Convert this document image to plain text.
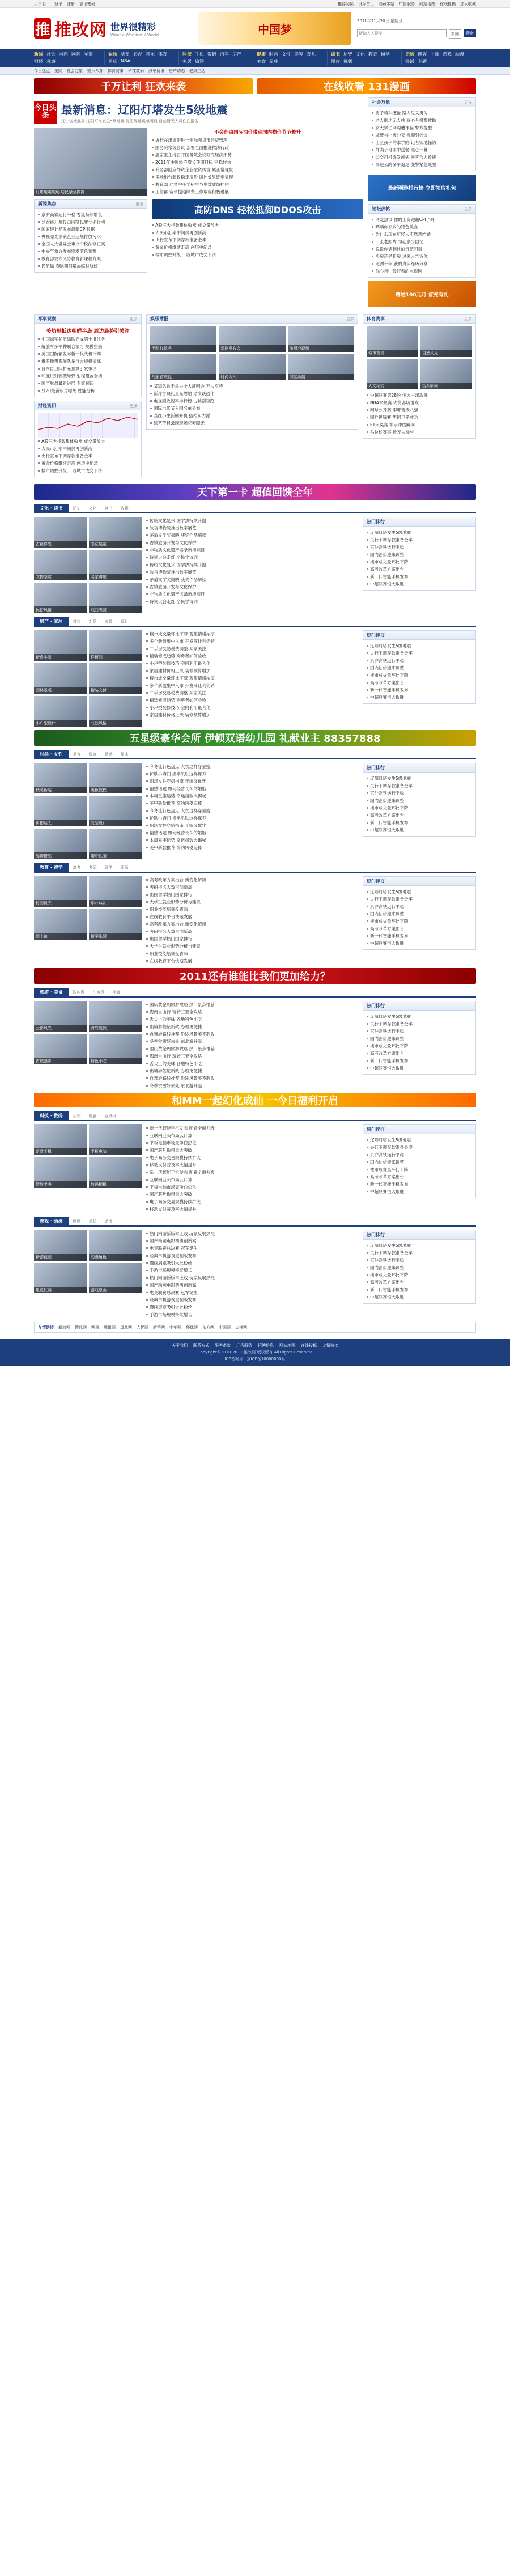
用户名： 登录 注册 忘记密码	推荐阅读 设为首页 收藏本站 广告服务 网站地图 在线投稿 加入收藏
推 推改网 世界很精彩
What a Wonderful World	中国梦
2011年11月20日 星期日
请输入关键字
新闻	搜索
新闻 社会 国内 国际 军事
财经 观察
娱乐 明星 影视 音乐 体育
足球 NBA
科技 手机 数码 汽车 房产
家居 旅游
健康 时尚 女性 美容 育儿
美食 星座
读书 历史 文化 教育 留学
图片 视频
论坛 博客 下载 游戏 动漫
笑话 专题
今日热点 要闻 社会万象 娱乐八卦 体育赛事 科技数码 汽车资讯 房产动态 健康生活
千万让利 狂欢来袭	在线收看 131漫画
今日头条	最新消息：辽阳灯塔发生5级地震
辽宁省地震局 辽阳灯塔发生5级地震 沈阳等地震感明显 目前暂无人员伤亡报告
灯塔地震现场 居民紧急撤离
新闻焦点	更多
京沪高铁运行平稳 客流持续增长
公安部开展打击网络犯罪专项行动
国家统计局发布最新CPI数据
央视曝光多家企业违规排放污水
全国人大常委会审议个税法修正案
中央气象台发布寒潮蓝色预警
教育部发布义务教育新课程方案
民航局 春运期间增加临时航班
不会任由国际油价带动国内物价节节攀升
央行在津调研进一步加强货币信贷管理
国务院常务会议 部署全面推进依法行政
温家宝主持召开国务院会议研究经济形势
2011年中国经济增长预期目标 平稳较快
商务部回应外资企业撤资传言 属正常现象
多地出台新政稳定房价 调控效果逐步显现
教育部 严禁中小学招生与奥数成绩挂钩
工信部 宽带提速降费工作取得积极进展
高防DNS 轻松抵御DDOS攻击
A股三大指数集体收涨 成交量放大
人民币汇率中间价再创新高
央行宣布下调存款准备金率
黄金价格继续走高 创历史纪录
楼市调控升级 一线城市成交下滑
社会万象	更多
男子骑车遭抢 路人见义勇为
老人倒地无人扶 好心人报警救助
女大学生网购遭诈骗 警方提醒
城管与小贩冲突 视频引热议
山区孩子的求学路 记者实地探访
外卖小哥雨中送餐 暖心一幕
公交司机突发疾病 乘客合力救援
高速公路多车追尾 交警紧急处置
最新网游排行榜 立即领取礼包
论坛热帖	更多
网友热议 你的工资跑赢CPI了吗
晒晒你家乡的特色美食
为什么现在年轻人不愿意结婚
一张老照片 勾起多少回忆
说说你遇到过的奇葩同事
买房还是租房 过来人告诉你
北漂十年 我的真实经历分享
你心目中最好看的电视剧
赠送100元月 首充有礼
军事观察	更多
美航母抵达朝鲜半岛 周边局势引关注
中国海军护航编队完成第十批任务
解放军多军种联合演习 规模空前
美国国防部发布新一代战机计划
俄罗斯黑海舰队举行大规模演练
日本自卫队扩充预算引发争议
印度试射新型导弹 射程覆盖全境
国产航母最新进展 专家解读
歼20最新照片曝光 性能分析
财经资讯	更多
A股三大指数集体收涨 成交量放大
人民币汇率中间价再创新高
央行宣布下调存款准备金率
黄金价格继续走高 创历史纪录
楼市调控升级 一线城市成交下滑
娱乐播报	更多
明星红毯秀	新剧发布会	演唱会现场
电影首映礼	时尚大片	综艺录制
某知名歌手举办个人演唱会 万人空巷
新片首映礼星光熠熠 导演谈创作
电视剧收视率排行榜 古装剧领跑
国际电影节入围名单公布
当红小生新剧开机 搭档实力派
综艺节目录制现场花絮曝光
体育赛事	更多
城市夜景	自然风光
人文纪实	街头瞬间
中超联赛第28轮 恒大主场取胜
NBA常规赛 火箭客场惜败
网球公开赛 李娜晋级八强
国乒世锦赛 男团卫冕成功
F1大奖赛 车手冲线瞬间
马拉松赛事 数万人参与
天下第一卡 超值回馈全年
文化 · 读书	历史	文化	读书	收藏
古籍修复	书法展览
文物鉴赏	名家讲座
民俗风情	戏曲表演
传统文化复兴 国学热持续升温
故宫博物院推出数字展览
茅盾文学奖揭晓 获奖作品解读
古镇旅游开发与文化保护
非物质文化遗产名录新增项目
诗词大会走红 全民学诗词
传统文化复兴 国学热持续升温
故宫博物院推出数字展览
茅盾文学奖揭晓 获奖作品解读
古镇旅游开发与文化保护
非物质文化遗产名录新增项目
诗词大会走红 全民学诗词
热门排行
辽阳灯塔发生5级地震
央行下调存款准备金率
京沪高铁运行平稳
国内油价迎来调整
楼市成交量环比下降
高考改革方案出台
新一代智能手机发布
中超联赛恒大取胜
房产 · 家居	楼市	新盘	家装	设计
新盘实景	样板间
园林景观	精装交付
小户型设计	北欧风格
楼市成交量环比下降 观望情绪浓厚
多个新盘集中入市 开发商让利促销
二手房交易税费调整 买家关注
精装修成趋势 购房者如何验收
小户型装修技巧 空间利用最大化
家居建材价格上涨 装修预算增加
楼市成交量环比下降 观望情绪浓厚
多个新盘集中入市 开发商让利促销
二手房交易税费调整 买家关注
精装修成趋势 购房者如何验收
小户型装修技巧 空间利用最大化
家居建材价格上涨 装修预算增加
热门排行
辽阳灯塔发生5级地震
央行下调存款准备金率
京沪高铁运行平稳
国内油价迎来调整
楼市成交量环比下降
高考改革方案出台
新一代智能手机发布
中超联赛恒大取胜
五星级豪华会所 伊顿双语幼儿园 礼献业主 88357888
时尚 · 女性	美容	服饰	情感	星座
秋冬新装	美妆教程
街拍达人	发型设计
配饰搭配	婚纱礼服
今冬流行色盘点 大衣这样穿显瘦
护肤小窍门 换季肌肤这样保养
职场女性穿搭指南 干练又优雅
情感话题 如何经营长久的婚姻
本周星座运势 幸运指数大揭秘
美甲新款推荐 简约风受追捧
今冬流行色盘点 大衣这样穿显瘦
护肤小窍门 换季肌肤这样保养
职场女性穿搭指南 干练又优雅
情感话题 如何经营长久的婚姻
本周星座运势 幸运指数大揭秘
美甲新款推荐 简约风受追捧
热门排行
辽阳灯塔发生5级地震
央行下调存款准备金率
京沪高铁运行平稳
国内油价迎来调整
楼市成交量环比下降
高考改革方案出台
新一代智能手机发布
中超联赛恒大取胜
教育 · 留学	高考	考研	留学	职场
校园风光	毕业典礼
图书馆	留学生活
高考改革方案出台 新变化解读
考研报名人数再创新高
出国留学热门国家排行
大学生就业形势分析与建议
职业技能培训受青睐
在线教育平台快速发展
高考改革方案出台 新变化解读
考研报名人数再创新高
出国留学热门国家排行
大学生就业形势分析与建议
职业技能培训受青睐
在线教育平台快速发展
热门排行
辽阳灯塔发生5级地震
央行下调存款准备金率
京沪高铁运行平稳
国内油价迎来调整
楼市成交量环比下降
高考改革方案出台
新一代智能手机发布
中超联赛恒大取胜
2011还有谁能比我们更加给力？
旅游 · 美食	国内游	出境游	美食
云南风光	海岛度假
古城漫步	特色小吃
国庆黄金周旅游攻略 热门景点推荐
海南自由行 玩转三亚全攻略
舌尖上的美味 各地特色小吃
出境游签证新政 办理更便捷
自驾游路线推荐 沿途风景美不胜收
冬季赏雪好去处 东北游升温
国庆黄金周旅游攻略 热门景点推荐
海南自由行 玩转三亚全攻略
舌尖上的美味 各地特色小吃
出境游签证新政 办理更便捷
自驾游路线推荐 沿途风景美不胜收
冬季赏雪好去处 东北游升温
热门排行
辽阳灯塔发生5级地震
央行下调存款准备金率
京沪高铁运行平稳
国内油价迎来调整
楼市成交量环比下降
高考改革方案出台
新一代智能手机发布
中超联赛恒大取胜
和MM一起幻化成仙 一今日福利开启
科技 · 数码	手机	电脑	互联网
新款手机	平板电脑
智能手表	数码相机
新一代智能手机发布 配置全面升级
互联网巨头布局云计算
平板电脑市场竞争白热化
国产芯片取得重大突破
电子商务交易规模持续扩大
移动支付普及率大幅提升
新一代智能手机发布 配置全面升级
互联网巨头布局云计算
平板电脑市场竞争白热化
国产芯片取得重大突破
电子商务交易规模持续扩大
移动支付普及率大幅提升
热门排行
辽阳灯塔发生5级地震
央行下调存款准备金率
京沪高铁运行平稳
国内油价迎来调整
楼市成交量环比下降
高考改革方案出台
新一代智能手机发布
中超联赛恒大取胜
游戏 · 动漫	网游	单机	动漫
新游截图	动漫角色
电竞比赛	游戏原画
热门网游新版本上线 玩家反响热烈
国产动画电影票房创新高
电竞联赛总决赛 冠军诞生
经典单机游戏重制版发布
漫画展览吸引大批粉丝
手游市场规模持续增长
热门网游新版本上线 玩家反响热烈
国产动画电影票房创新高
电竞联赛总决赛 冠军诞生
经典单机游戏重制版发布
漫画展览吸引大批粉丝
手游市场规模持续增长
热门排行
辽阳灯塔发生5级地震
央行下调存款准备金率
京沪高铁运行平稳
国内油价迎来调整
楼市成交量环比下降
高考改革方案出台
新一代智能手机发布
中超联赛恒大取胜
友情链接 新浪网 搜狐网 网易 腾讯网 凤凰网 人民网 新华网 中华网 环球网 东方网 中国网 央视网
关于我们 联系方式 服务条款 广告服务 招聘信息 网站地图 在线投稿 友情链接
Copyright©2010-2011 推改网 版权所有 All Rights Reserved
ICP备案号：京ICP备10000000号
